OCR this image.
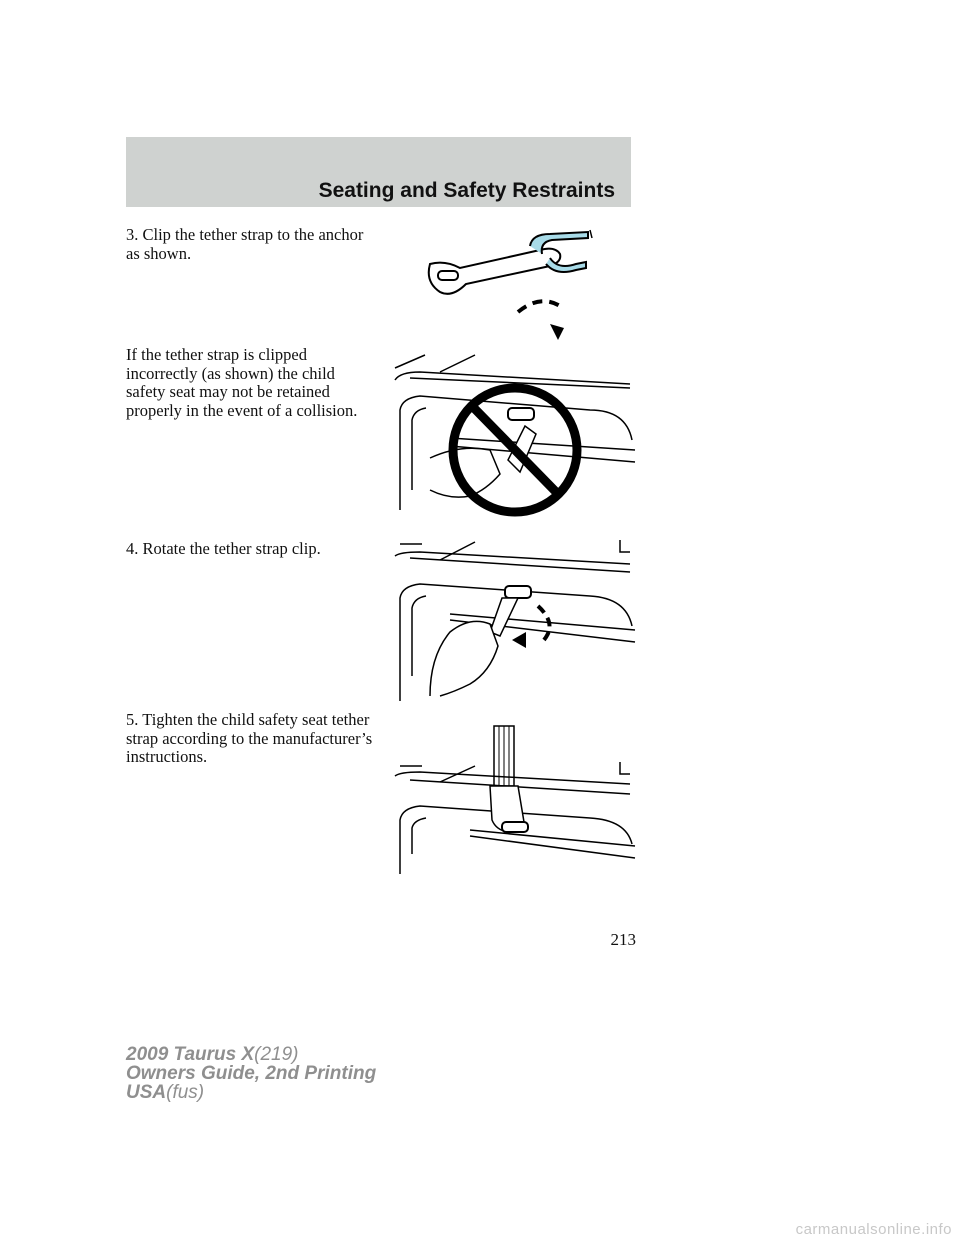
Seating and Safety Restraints
3. Clip the tether strap to the anchor as shown.
If the tether strap is clipped incorrectly (as shown) the child safety seat may not be retained properly in the event of a collision.
4. Rotate the tether strap clip.
5. Tighten the child safety seat tether strap according to the manufacturer’s instructions.
213
2009 Taurus X(219)
Owners Guide, 2nd Printing
USA(fus)
carmanualsonline.info
